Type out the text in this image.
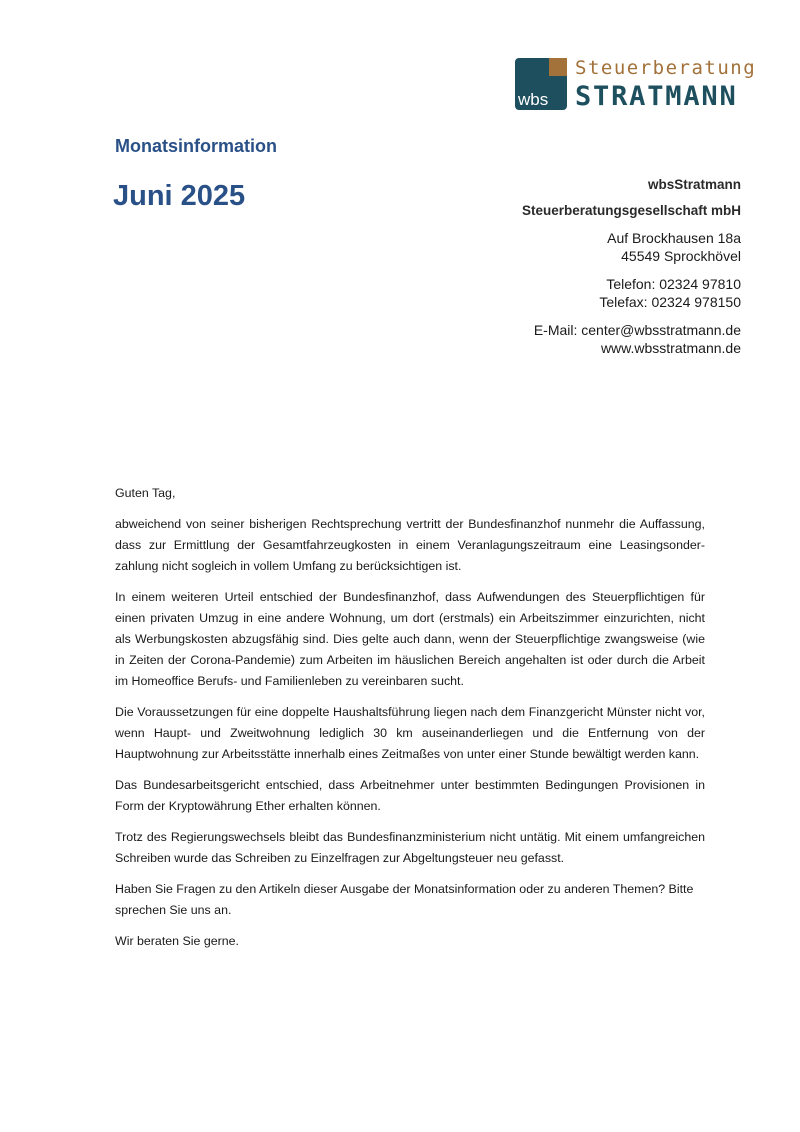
wbs
Steuerberatung
STRATMANN
Monatsinformation
Juni 2025	wbsStratmann
Steuerberatungsgesellschaft mbH
Auf Brockhausen 18a
45549 Sprockhövel
Telefon: 02324 97810
Telefax: 02324 978150
E-Mail: center@wbsstratmann.de
www.wbsstratmann.de

Guten Tag,

abweichend von seiner bisherigen Rechtsprechung vertritt der Bundesfinanzhof nunmehr die Auffassung, dass zur Ermittlung der Gesamtfahrzeugkosten in einem Veranlagungszeitraum eine Leasingsonder-zahlung nicht sogleich in vollem Umfang zu berücksichtigen ist.

In einem weiteren Urteil entschied der Bundesfinanzhof, dass Aufwendungen des Steuerpflichtigen für einen privaten Umzug in eine andere Wohnung, um dort (erstmals) ein Arbeitszimmer einzurichten, nicht als Werbungskosten abzugsfähig sind. Dies gelte auch dann, wenn der Steuerpflichtige zwangsweise (wie in Zeiten der Corona-Pandemie) zum Arbeiten im häuslichen Bereich angehalten ist oder durch die Arbeit im Homeoffice Berufs- und Familienleben zu vereinbaren sucht.

Die Voraussetzungen für eine doppelte Haushaltsführung liegen nach dem Finanzgericht Münster nicht vor, wenn Haupt- und Zweitwohnung lediglich 30 km auseinanderliegen und die Entfernung von der Hauptwohnung zur Arbeitsstätte innerhalb eines Zeitmaßes von unter einer Stunde bewältigt werden kann.

Das Bundesarbeitsgericht entschied, dass Arbeitnehmer unter bestimmten Bedingungen Provisionen in Form der Kryptowährung Ether erhalten können.

Trotz des Regierungswechsels bleibt das Bundesfinanzministerium nicht untätig. Mit einem umfangreichen Schreiben wurde das Schreiben zu Einzelfragen zur Abgeltungsteuer neu gefasst.

Haben Sie Fragen zu den Artikeln dieser Ausgabe der Monatsinformation oder zu anderen Themen? Bitte sprechen Sie uns an.

Wir beraten Sie gerne.
